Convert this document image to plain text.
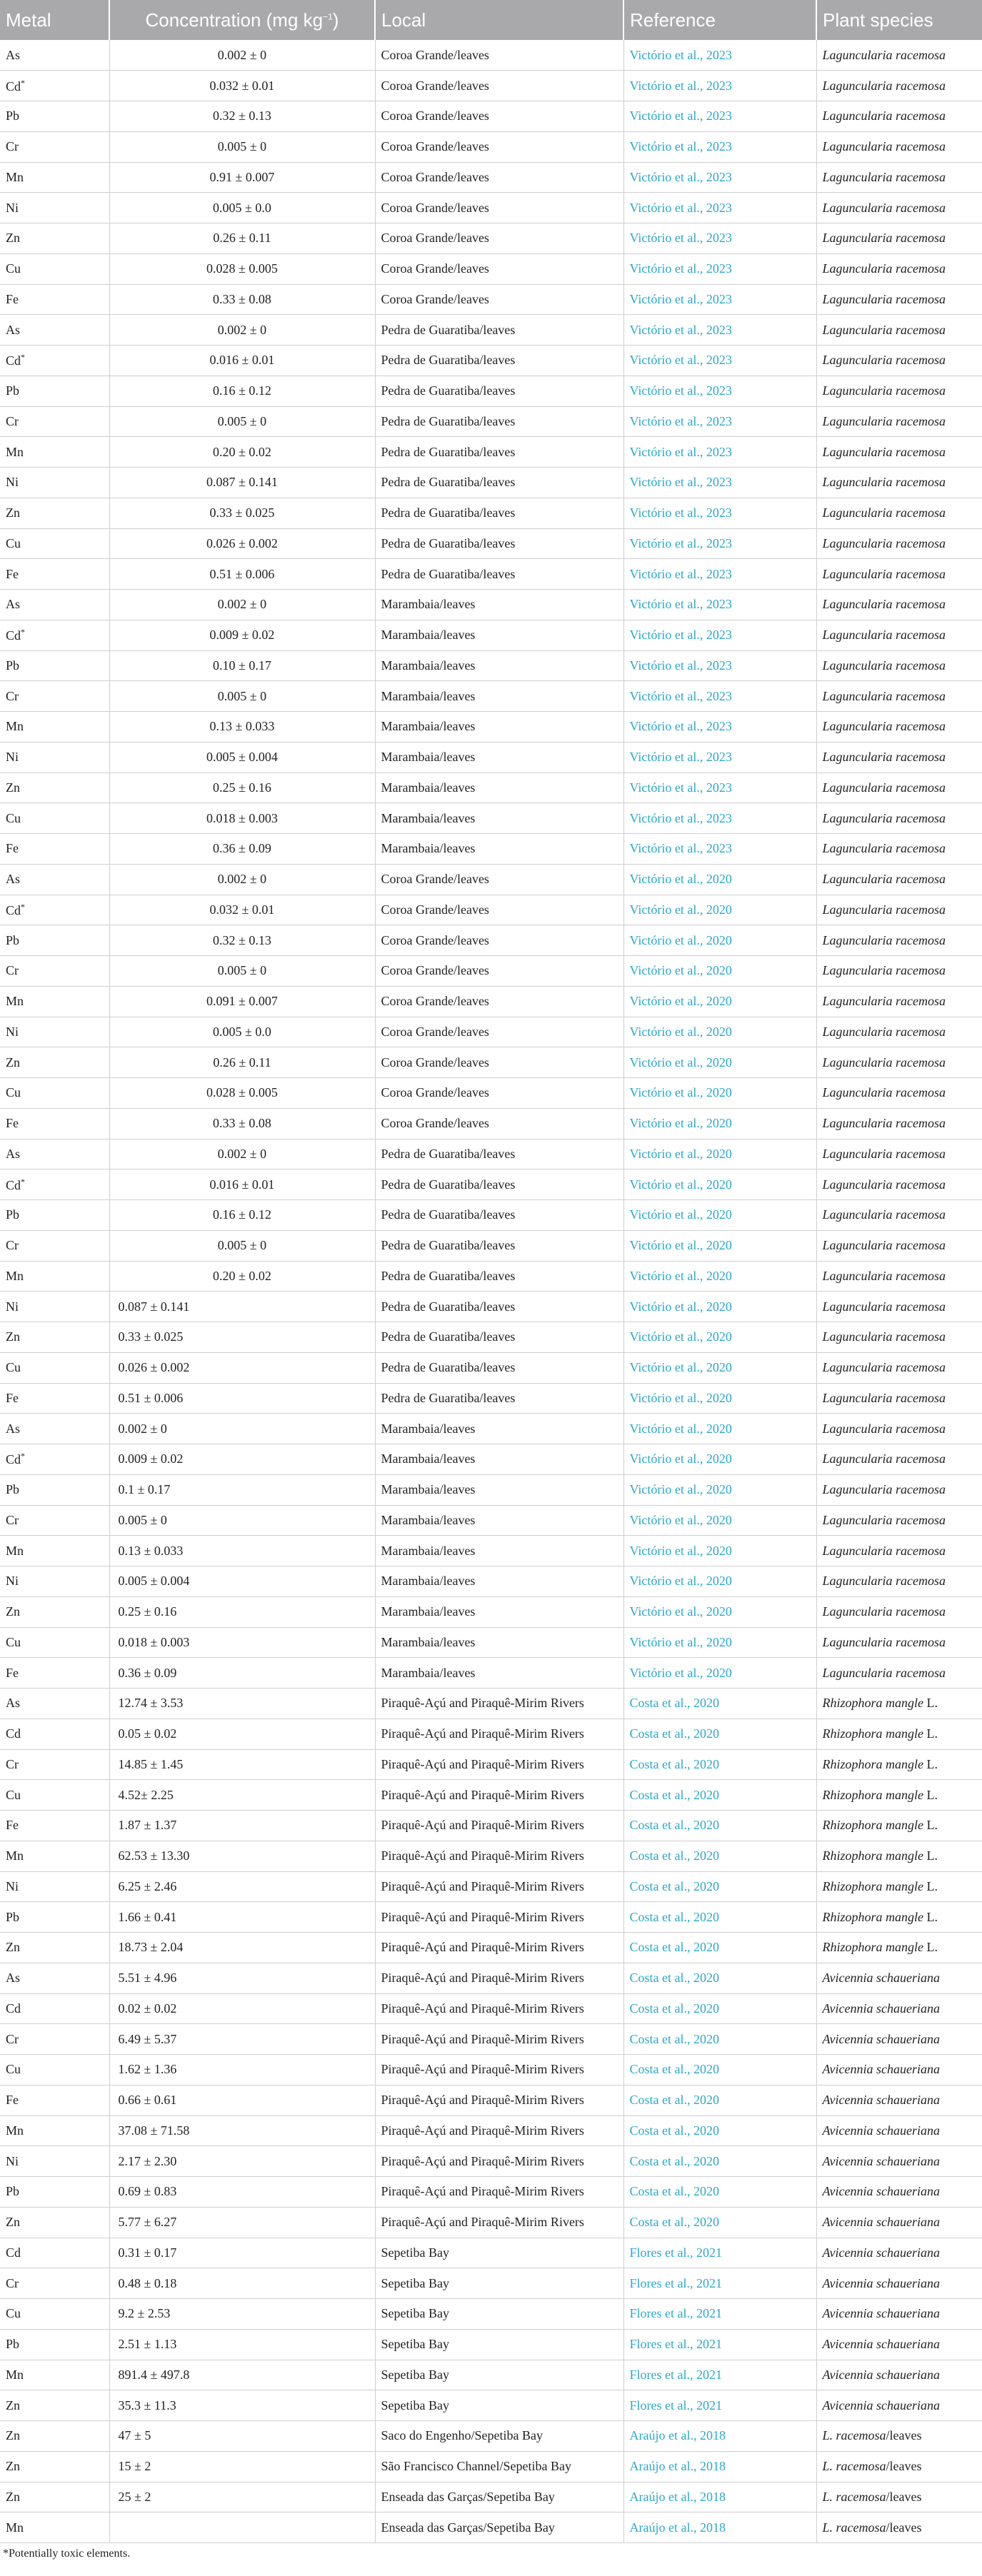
Metal	Concentration (mg $kg^{-1}$)	Local	Reference	Plant species
As	0.002 ± 0	Coroa Grande/leaves	Victório et al., 2023	Laguncularia racemosa
Cd*	0.032 ± 0.01	Coroa Grande/leaves	Victório et al., 2023	Laguncularia racemosa
Pb	0.32 ± 0.13	Coroa Grande/leaves	Victório et al., 2023	Laguncularia racemosa
Cr	0.005 ± 0	Coroa Grande/leaves	Victório et al., 2023	Laguncularia racemosa
Mn	0.91 ± 0.007	Coroa Grande/leaves	Victório et al., 2023	Laguncularia racemosa
Ni	0.005 ± 0.0	Coroa Grande/leaves	Victório et al., 2023	Laguncularia racemosa
Zn	0.26 ± 0.11	Coroa Grande/leaves	Victório et al., 2023	Laguncularia racemosa
Cu	0.028 ± 0.005	Coroa Grande/leaves	Victório et al., 2023	Laguncularia racemosa
Fe	0.33 ± 0.08	Coroa Grande/leaves	Victório et al., 2023	Laguncularia racemosa
As	0.002 ± 0	Pedra de Guaratiba/leaves	Victório et al., 2023	Laguncularia racemosa
Cd*	0.016 ± 0.01	Pedra de Guaratiba/leaves	Victório et al., 2023	Laguncularia racemosa
Pb	0.16 ± 0.12	Pedra de Guaratiba/leaves	Victório et al., 2023	Laguncularia racemosa
Cr	0.005 ± 0	Pedra de Guaratiba/leaves	Victório et al., 2023	Laguncularia racemosa
Mn	0.20 ± 0.02	Pedra de Guaratiba/leaves	Victório et al., 2023	Laguncularia racemosa
Ni	0.087 ± 0.141	Pedra de Guaratiba/leaves	Victório et al., 2023	Laguncularia racemosa
Zn	0.33 ± 0.025	Pedra de Guaratiba/leaves	Victório et al., 2023	Laguncularia racemosa
Cu	0.026 ± 0.002	Pedra de Guaratiba/leaves	Victório et al., 2023	Laguncularia racemosa
Fe	0.51 ± 0.006	Pedra de Guaratiba/leaves	Victório et al., 2023	Laguncularia racemosa
As	0.002 ± 0	Marambaia/leaves	Victório et al., 2023	Laguncularia racemosa
Cd*	0.009 ± 0.02	Marambaia/leaves	Victório et al., 2023	Laguncularia racemosa
Pb	0.10 ± 0.17	Marambaia/leaves	Victório et al., 2023	Laguncularia racemosa
Cr	0.005 ± 0	Marambaia/leaves	Victório et al., 2023	Laguncularia racemosa
Mn	0.13 ± 0.033	Marambaia/leaves	Victório et al., 2023	Laguncularia racemosa
Ni	0.005 ± 0.004	Marambaia/leaves	Victório et al., 2023	Laguncularia racemosa
Zn	0.25 ± 0.16	Marambaia/leaves	Victório et al., 2023	Laguncularia racemosa
Cu	0.018 ± 0.003	Marambaia/leaves	Victório et al., 2023	Laguncularia racemosa
Fe	0.36 ± 0.09	Marambaia/leaves	Victório et al., 2023	Laguncularia racemosa
As	0.002 ± 0	Coroa Grande/leaves	Victório et al., 2020	Laguncularia racemosa
Cd*	0.032 ± 0.01	Coroa Grande/leaves	Victório et al., 2020	Laguncularia racemosa
Pb	0.32 ± 0.13	Coroa Grande/leaves	Victório et al., 2020	Laguncularia racemosa
Cr	0.005 ± 0	Coroa Grande/leaves	Victório et al., 2020	Laguncularia racemosa
Mn	0.091 ± 0.007	Coroa Grande/leaves	Victório et al., 2020	Laguncularia racemosa
Ni	0.005 ± 0.0	Coroa Grande/leaves	Victório et al., 2020	Laguncularia racemosa
Zn	0.26 ± 0.11	Coroa Grande/leaves	Victório et al., 2020	Laguncularia racemosa
Cu	0.028 ± 0.005	Coroa Grande/leaves	Victório et al., 2020	Laguncularia racemosa
Fe	0.33 ± 0.08	Coroa Grande/leaves	Victório et al., 2020	Laguncularia racemosa
As	0.002 ± 0	Pedra de Guaratiba/leaves	Victório et al., 2020	Laguncularia racemosa
Cd*	0.016 ± 0.01	Pedra de Guaratiba/leaves	Victório et al., 2020	Laguncularia racemosa
Pb	0.16 ± 0.12	Pedra de Guaratiba/leaves	Victório et al., 2020	Laguncularia racemosa
Cr	0.005 ± 0	Pedra de Guaratiba/leaves	Victório et al., 2020	Laguncularia racemosa
Mn	0.20 ± 0.02	Pedra de Guaratiba/leaves	Victório et al., 2020	Laguncularia racemosa
Ni	0.087 ± 0.141	Pedra de Guaratiba/leaves	Victório et al., 2020	Laguncularia racemosa
Zn	0.33 ± 0.025	Pedra de Guaratiba/leaves	Victório et al., 2020	Laguncularia racemosa
Cu	0.026 ± 0.002	Pedra de Guaratiba/leaves	Victório et al., 2020	Laguncularia racemosa
Fe	0.51 ± 0.006	Pedra de Guaratiba/leaves	Victório et al., 2020	Laguncularia racemosa
As	0.002 ± 0	Marambaia/leaves	Victório et al., 2020	Laguncularia racemosa
Cd*	0.009 ± 0.02	Marambaia/leaves	Victório et al., 2020	Laguncularia racemosa
Pb	0.1 ± 0.17	Marambaia/leaves	Victório et al., 2020	Laguncularia racemosa
Cr	0.005 ± 0	Marambaia/leaves	Victório et al., 2020	Laguncularia racemosa
Mn	0.13 ± 0.033	Marambaia/leaves	Victório et al., 2020	Laguncularia racemosa
Ni	0.005 ± 0.004	Marambaia/leaves	Victório et al., 2020	Laguncularia racemosa
Zn	0.25 ± 0.16	Marambaia/leaves	Victório et al., 2020	Laguncularia racemosa
Cu	0.018 ± 0.003	Marambaia/leaves	Victório et al., 2020	Laguncularia racemosa
Fe	0.36 ± 0.09	Marambaia/leaves	Victório et al., 2020	Laguncularia racemosa
As	12.74 ± 3.53	Piraquê-Açú and Piraquê-Mirim Rivers	Costa et al., 2020	Rhizophora mangle L.
Cd	0.05 ± 0.02	Piraquê-Açú and Piraquê-Mirim Rivers	Costa et al., 2020	Rhizophora mangle L.
Cr	14.85 ± 1.45	Piraquê-Açú and Piraquê-Mirim Rivers	Costa et al., 2020	Rhizophora mangle L.
Cu	4.52± 2.25	Piraquê-Açú and Piraquê-Mirim Rivers	Costa et al., 2020	Rhizophora mangle L.
Fe	1.87 ± 1.37	Piraquê-Açú and Piraquê-Mirim Rivers	Costa et al., 2020	Rhizophora mangle L.
Mn	62.53 ± 13.30	Piraquê-Açú and Piraquê-Mirim Rivers	Costa et al., 2020	Rhizophora mangle L.
Ni	6.25 ± 2.46	Piraquê-Açú and Piraquê-Mirim Rivers	Costa et al., 2020	Rhizophora mangle L.
Pb	1.66 ± 0.41	Piraquê-Açú and Piraquê-Mirim Rivers	Costa et al., 2020	Rhizophora mangle L.
Zn	18.73 ± 2.04	Piraquê-Açú and Piraquê-Mirim Rivers	Costa et al., 2020	Rhizophora mangle L.
As	5.51 ± 4.96	Piraquê-Açú and Piraquê-Mirim Rivers	Costa et al., 2020	Avicennia schaueriana
Cd	0.02 ± 0.02	Piraquê-Açú and Piraquê-Mirim Rivers	Costa et al., 2020	Avicennia schaueriana
Cr	6.49 ± 5.37	Piraquê-Açú and Piraquê-Mirim Rivers	Costa et al., 2020	Avicennia schaueriana
Cu	1.62 ± 1.36	Piraquê-Açú and Piraquê-Mirim Rivers	Costa et al., 2020	Avicennia schaueriana
Fe	0.66 ± 0.61	Piraquê-Açú and Piraquê-Mirim Rivers	Costa et al., 2020	Avicennia schaueriana
Mn	37.08 ± 71.58	Piraquê-Açú and Piraquê-Mirim Rivers	Costa et al., 2020	Avicennia schaueriana
Ni	2.17 ± 2.30	Piraquê-Açú and Piraquê-Mirim Rivers	Costa et al., 2020	Avicennia schaueriana
Pb	0.69 ± 0.83	Piraquê-Açú and Piraquê-Mirim Rivers	Costa et al., 2020	Avicennia schaueriana
Zn	5.77 ± 6.27	Piraquê-Açú and Piraquê-Mirim Rivers	Costa et al., 2020	Avicennia schaueriana
Cd	0.31 ± 0.17	Sepetiba Bay	Flores et al., 2021	Avicennia schaueriana
Cr	0.48 ± 0.18	Sepetiba Bay	Flores et al., 2021	Avicennia schaueriana
Cu	9.2 ± 2.53	Sepetiba Bay	Flores et al., 2021	Avicennia schaueriana
Pb	2.51 ± 1.13	Sepetiba Bay	Flores et al., 2021	Avicennia schaueriana
Mn	891.4 ± 497.8	Sepetiba Bay	Flores et al., 2021	Avicennia schaueriana
Zn	35.3 ± 11.3	Sepetiba Bay	Flores et al., 2021	Avicennia schaueriana
Zn	47 ± 5	Saco do Engenho/Sepetiba Bay	Araújo et al., 2018	L. racemosa/leaves
Zn	15 ± 2	São Francisco Channel/Sepetiba Bay	Araújo et al., 2018	L. racemosa/leaves
Zn	25 ± 2	Enseada das Garças/Sepetiba Bay	Araújo et al., 2018	L. racemosa/leaves
Mn		Enseada das Garças/Sepetiba Bay	Araújo et al., 2018	L. racemosa/leaves
*Potentially toxic elements.
